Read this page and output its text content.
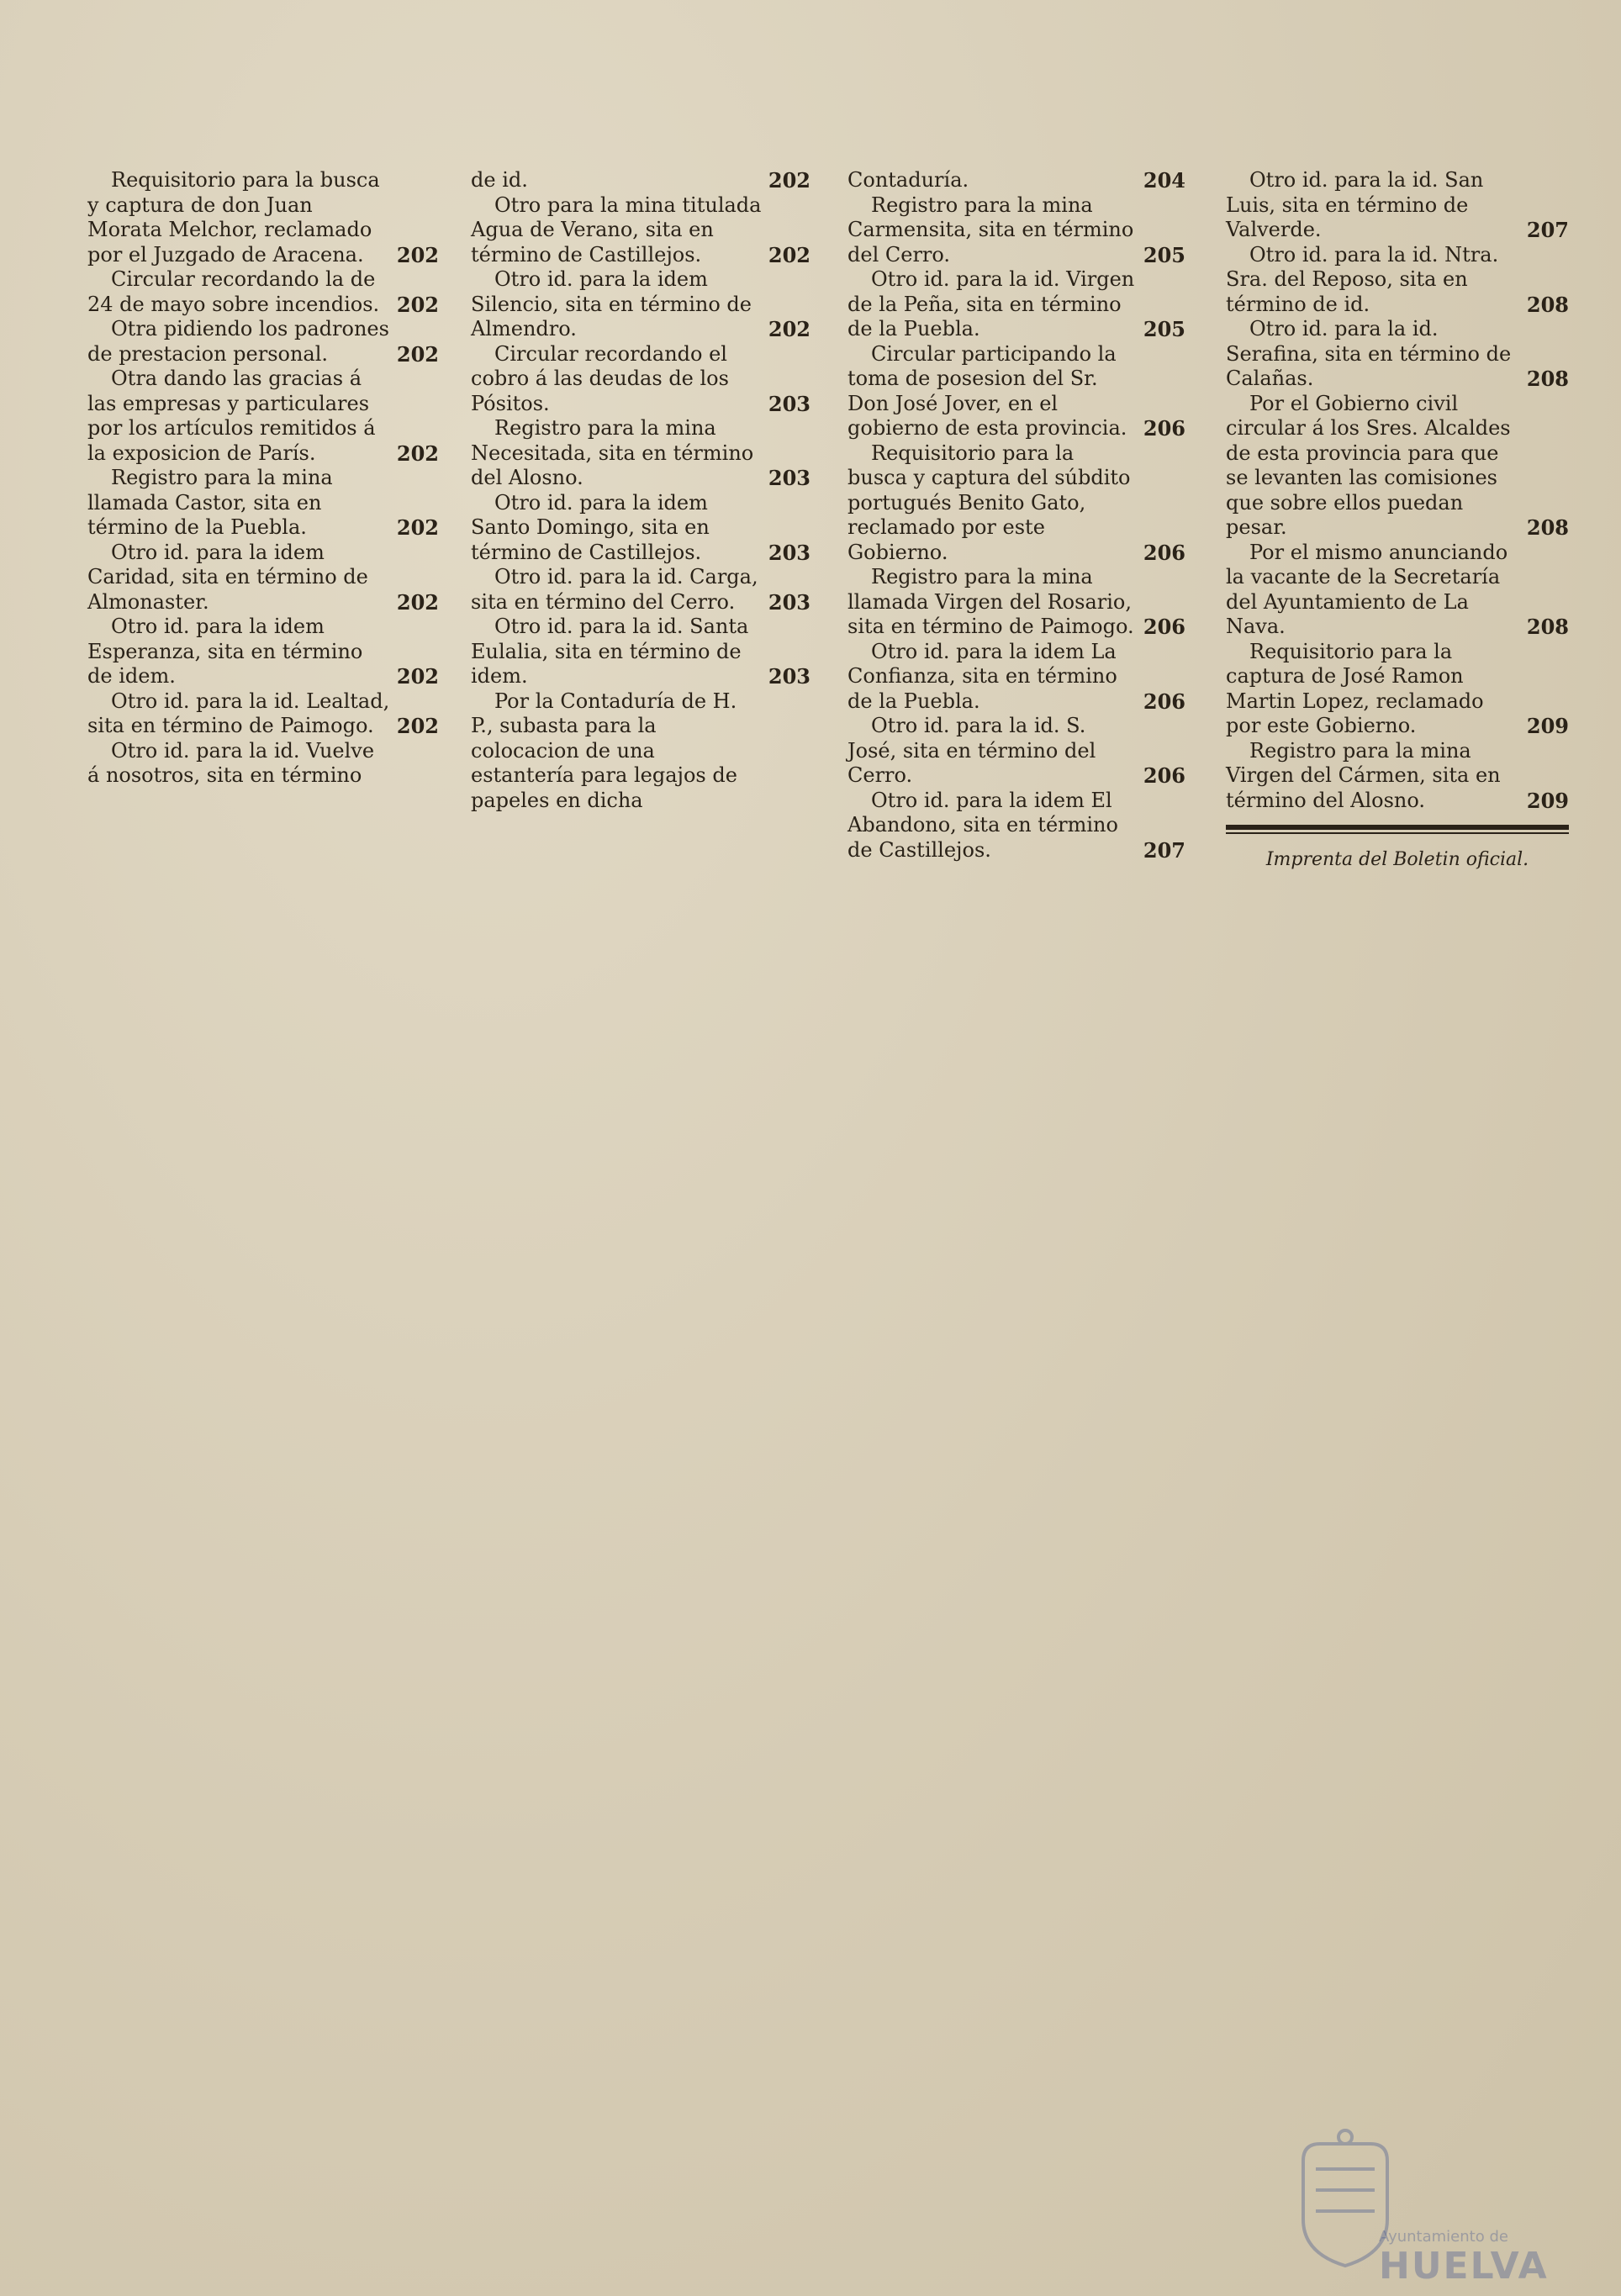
Requisitorio para la busca y captura de don Juan Morata Melchor, reclamado por el Juzgado de Aracena.	202
Circular recordando la de 24 de mayo sobre incendios. 202
Otra pidiendo los padrones de prestacion personal.	202
Otra dando las gracias á las empresas y particulares por los artículos remitidos á la exposicion de París.	202
Registro para la mina llamada Castor, sita en término de la Puebla.	202
Otro id. para la idem Caridad, sita en término de Almonaster.	202
Otro id. para la idem Esperanza, sita en término de idem.	202
Otro id. para la id. Lealtad, sita en término de Paimogo.	202
Otro id. para la id. Vuelve á nosotros, sita en término
de id.	202
Otro para la mina titulada Agua de Verano, sita en término de Castillejos.	202
Otro id. para la idem Silencio, sita en término de Almendro.	202
Circular recordando el cobro á las deudas de los Pósitos.	203
Registro para la mina Necesitada, sita en término del Alosno.	203
Otro id. para la idem Santo Domingo, sita en término de Castillejos.	203
Otro id. para la id. Carga, sita en término del Cerro.	203
Otro id. para la id. Santa Eulalia, sita en término de idem.	203
Por la Contaduría de H. P., subasta para la colocacion de una estantería para legajos de papeles en dicha
Contaduría.	204
Registro para la mina Carmensita, sita en término del Cerro.	205
Otro id. para la id. Virgen de la Peña, sita en término de la Puebla.	205
Circular participando la toma de posesion del Sr. Don José Jover, en el gobierno de esta provincia. 206
Requisitorio para la busca y captura del súbdito portugués Benito Gato, reclamado por este Gobierno.	206
Registro para la mina llamada Virgen del Rosario, sita en término de Paimogo. 206
Otro id. para la idem La Confianza, sita en término de la Puebla.	206
Otro id. para la id. S. José, sita en término del Cerro.	206
Otro id. para la idem El Abandono, sita en término de Castillejos.	207
Otro id. para la id. San Luis, sita en término de Valverde.	207
Otro id. para la id. Ntra. Sra. del Reposo, sita en término de id.	208
Otro id. para la id. Serafina, sita en término de Calañas.	208
Por el Gobierno civil circular á los Sres. Alcaldes de esta provincia para que se levanten las comisiones que sobre ellos puedan pesar.	208
Por el mismo anunciando la vacante de la Secretaría del Ayuntamiento de La Nava.	208
Requisitorio para la captura de José Ramon Martin Lopez, reclamado por este Gobierno.	209
Registro para la mina Virgen del Cármen, sita en término del Alosno.	209
Imprenta del Boletin oficial.
Ayuntamiento de
HUELVA
